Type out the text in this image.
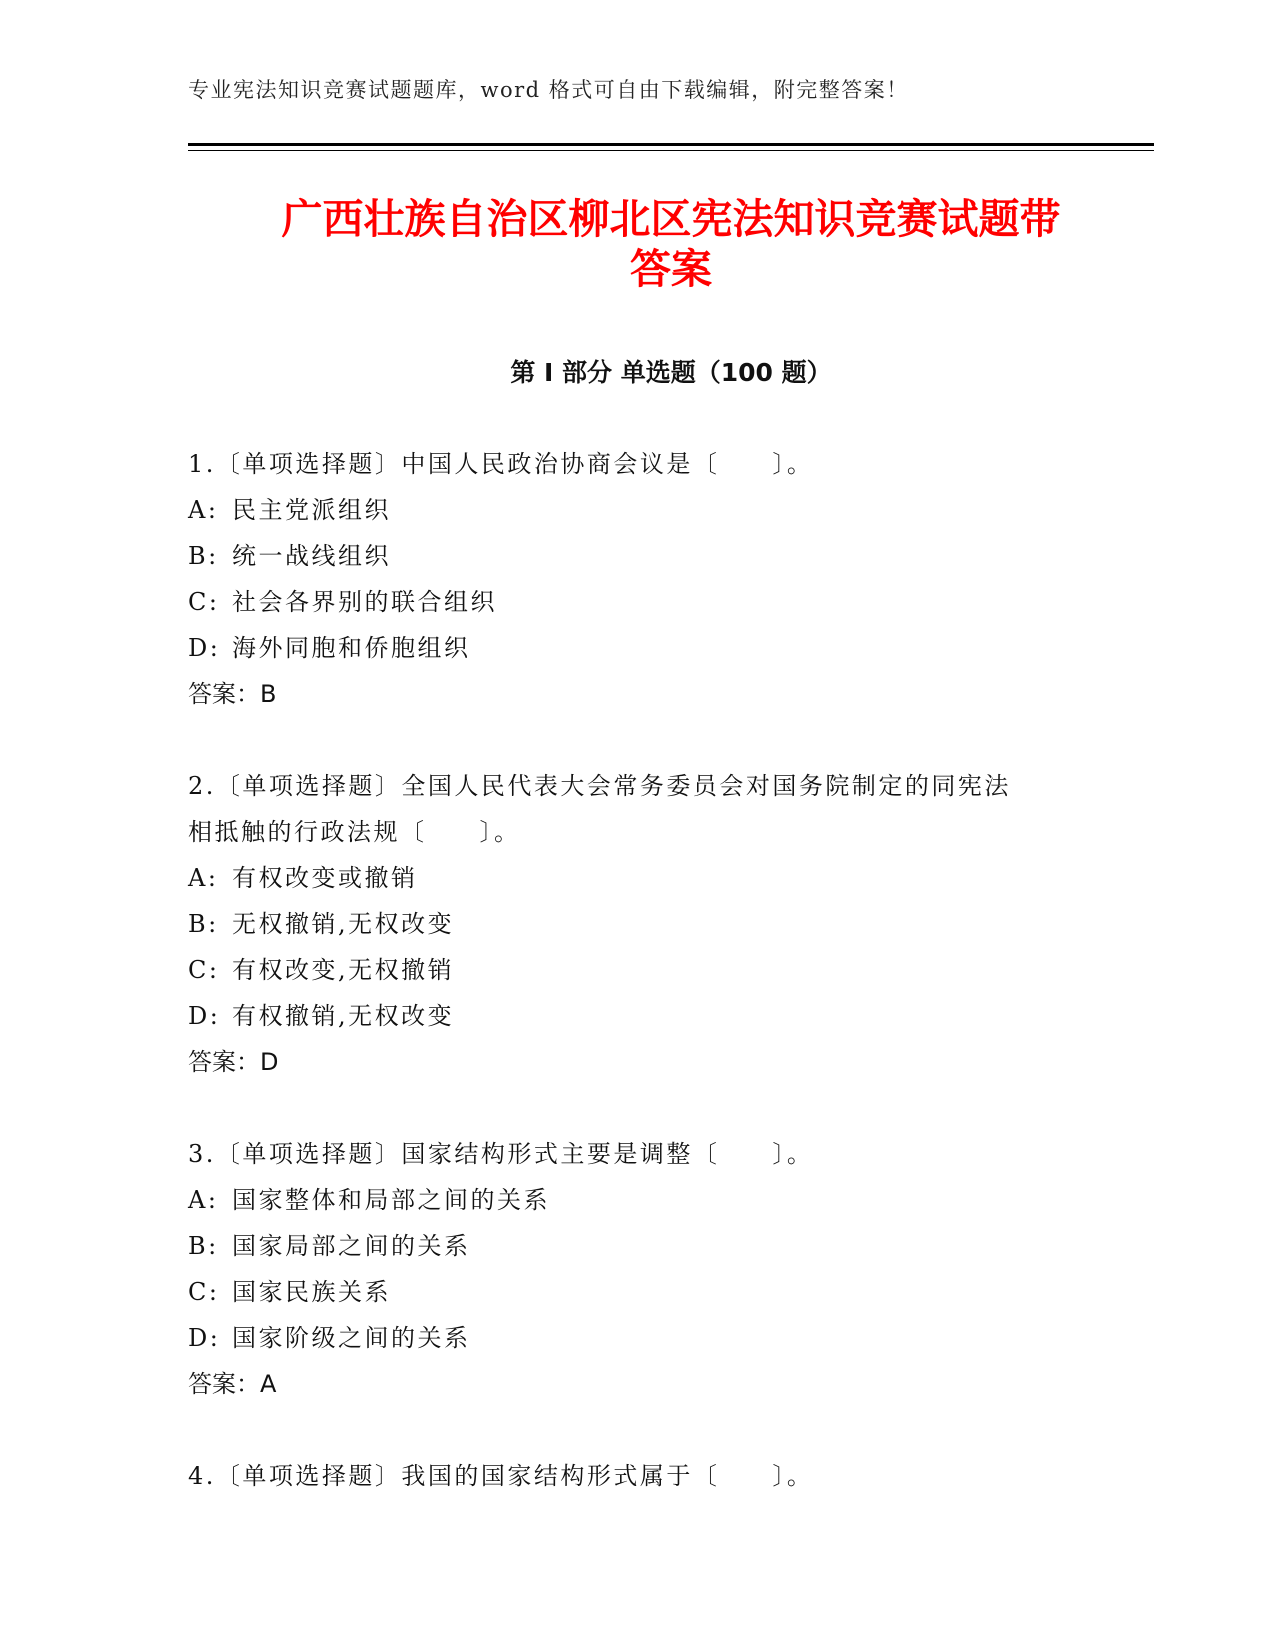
专业宪法知识竞赛试题题库，word 格式可自由下载编辑，附完整答案！
广西壮族自治区柳北区宪法知识竞赛试题带
答案
第 I 部分 单选题（100 题）

1.〔单项选择题〕中国人民政治协商会议是〔　　〕。

A: 民主党派组织

B: 统一战线组织

C: 社会各界别的联合组织

D: 海外同胞和侨胞组织

答案：B

2.〔单项选择题〕全国人民代表大会常务委员会对国务院制定的同宪法相抵触的行政法规〔　　〕。

A: 有权改变或撤销

B: 无权撤销,无权改变

C: 有权改变,无权撤销

D: 有权撤销,无权改变

答案：D

3.〔单项选择题〕国家结构形式主要是调整〔　　〕。

A: 国家整体和局部之间的关系

B: 国家局部之间的关系

C: 国家民族关系

D: 国家阶级之间的关系

答案：A

4.〔单项选择题〕我国的国家结构形式属于〔　　〕。
